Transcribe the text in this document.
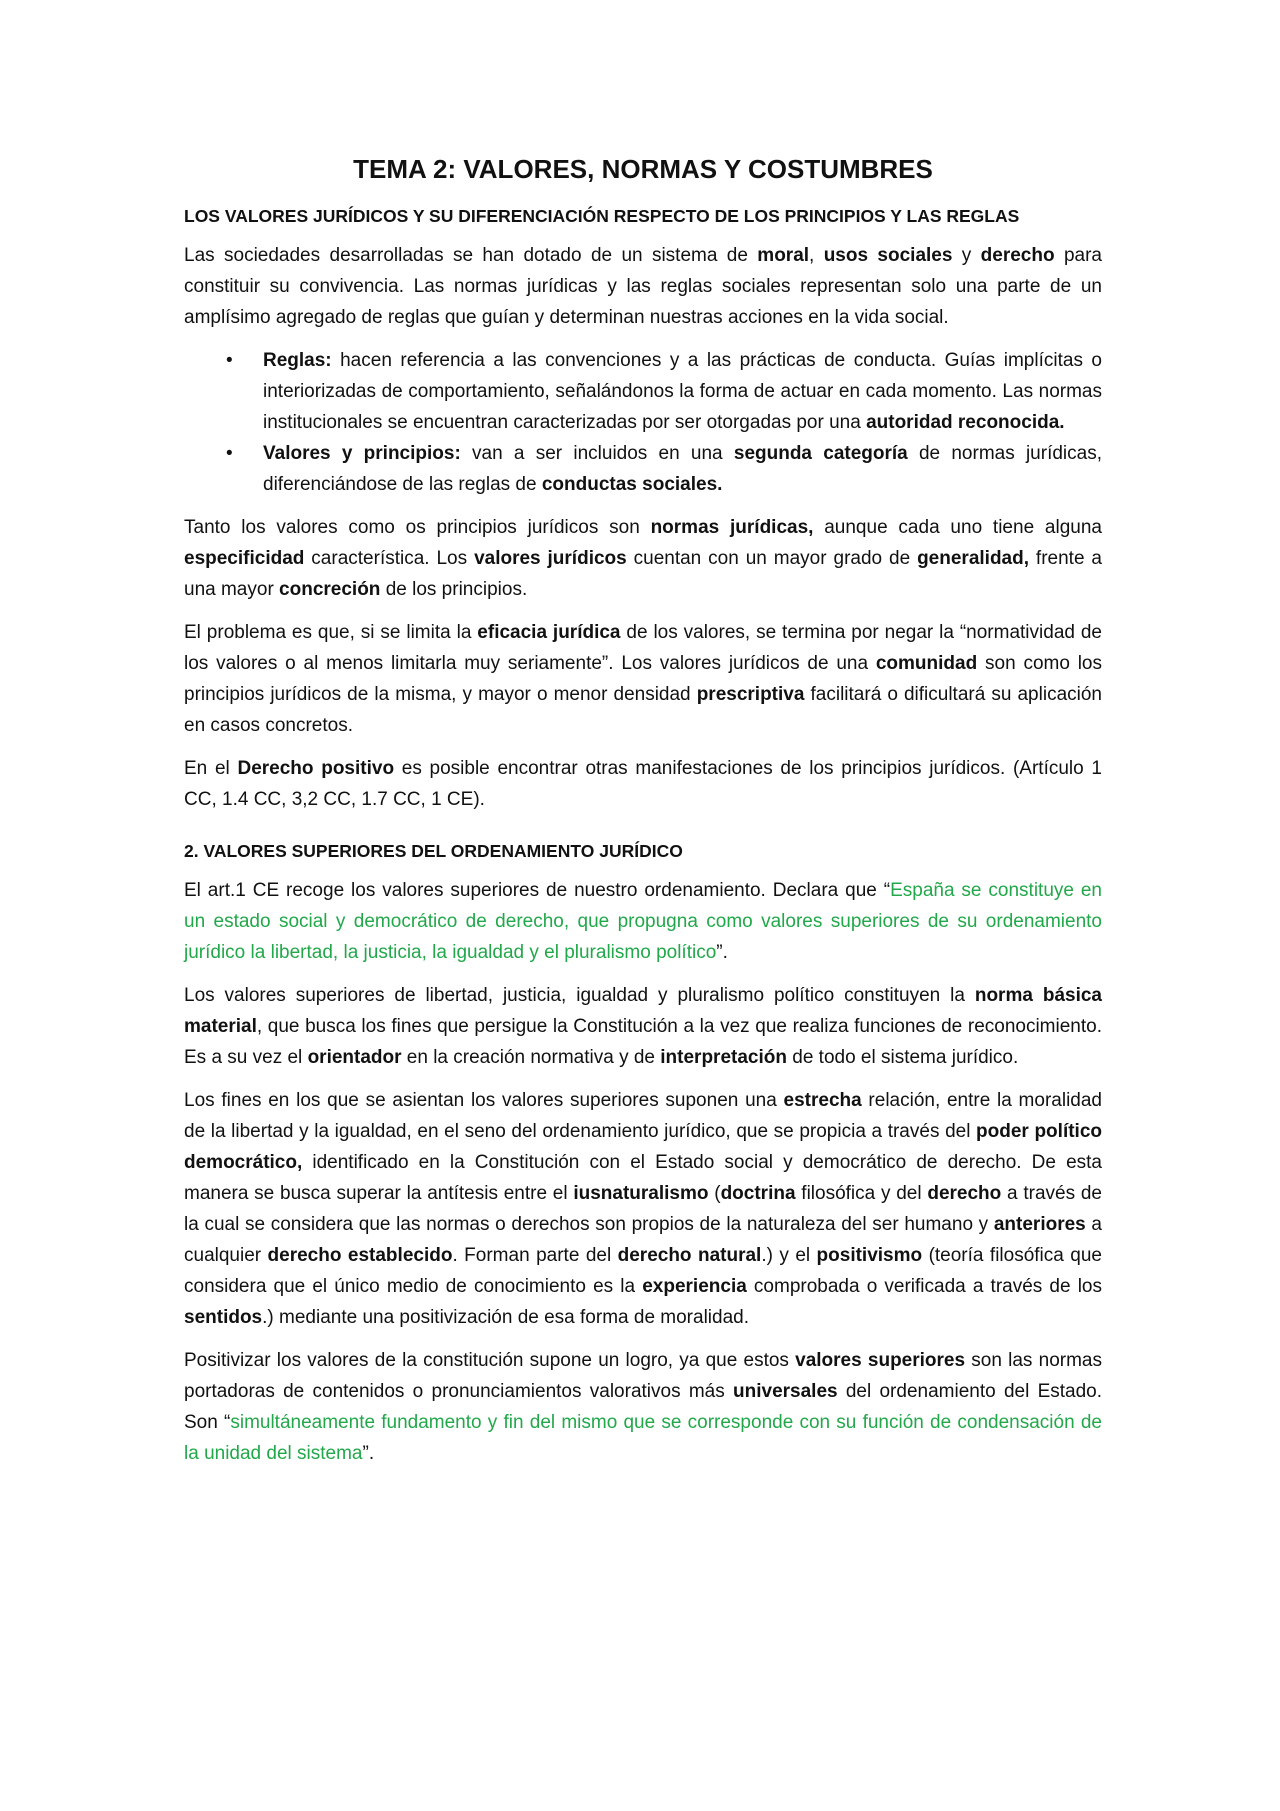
TEMA 2: VALORES, NORMAS Y COSTUMBRES
LOS VALORES JURÍDICOS Y SU DIFERENCIACIÓN RESPECTO DE LOS PRINCIPIOS Y LAS REGLAS

Las sociedades desarrolladas se han dotado de un sistema de moral, usos sociales y derecho para constituir su convivencia. Las normas jurídicas y las reglas sociales representan solo una parte de un amplísimo agregado de reglas que guían y determinan nuestras acciones en la vida social.

• Reglas: hacen referencia a las convenciones y a las prácticas de conducta. Guías implícitas o interiorizadas de comportamiento, señalándonos la forma de actuar en cada momento. Las normas institucionales se encuentran caracterizadas por ser otorgadas por una autoridad reconocida.
• Valores y principios: van a ser incluidos en una segunda categoría de normas jurídicas, diferenciándose de las reglas de conductas sociales.

Tanto los valores como os principios jurídicos son normas jurídicas, aunque cada uno tiene alguna especificidad característica. Los valores jurídicos cuentan con un mayor grado de generalidad, frente a una mayor concreción de los principios.

El problema es que, si se limita la eficacia jurídica de los valores, se termina por negar la “normatividad de los valores o al menos limitarla muy seriamente”. Los valores jurídicos de una comunidad son como los principios jurídicos de la misma, y mayor o menor densidad prescriptiva facilitará o dificultará su aplicación en casos concretos.

En el Derecho positivo es posible encontrar otras manifestaciones de los principios jurídicos. (Artículo 1 CC, 1.4 CC, 3,2 CC, 1.7 CC, 1 CE).

2. VALORES SUPERIORES DEL ORDENAMIENTO JURÍDICO

El art.1 CE recoge los valores superiores de nuestro ordenamiento. Declara que “España se constituye en un estado social y democrático de derecho, que propugna como valores superiores de su ordenamiento jurídico la libertad, la justicia, la igualdad y el pluralismo político”.

Los valores superiores de libertad, justicia, igualdad y pluralismo político constituyen la norma básica material, que busca los fines que persigue la Constitución a la vez que realiza funciones de reconocimiento. Es a su vez el orientador en la creación normativa y de interpretación de todo el sistema jurídico.

Los fines en los que se asientan los valores superiores suponen una estrecha relación, entre la moralidad de la libertad y la igualdad, en el seno del ordenamiento jurídico, que se propicia a través del poder político democrático, identificado en la Constitución con el Estado social y democrático de derecho. De esta manera se busca superar la antítesis entre el iusnaturalismo (doctrina filosófica y del derecho a través de la cual se considera que las normas o derechos son propios de la naturaleza del ser humano y anteriores a cualquier derecho establecido. Forman parte del derecho natural.) y el positivismo (teoría filosófica que considera que el único medio de conocimiento es la experiencia comprobada o verificada a través de los sentidos.) mediante una positivización de esa forma de moralidad.

Positivizar los valores de la constitución supone un logro, ya que estos valores superiores son las normas portadoras de contenidos o pronunciamientos valorativos más universales del ordenamiento del Estado. Son “simultáneamente fundamento y fin del mismo que se corresponde con su función de condensación de la unidad del sistema”.
